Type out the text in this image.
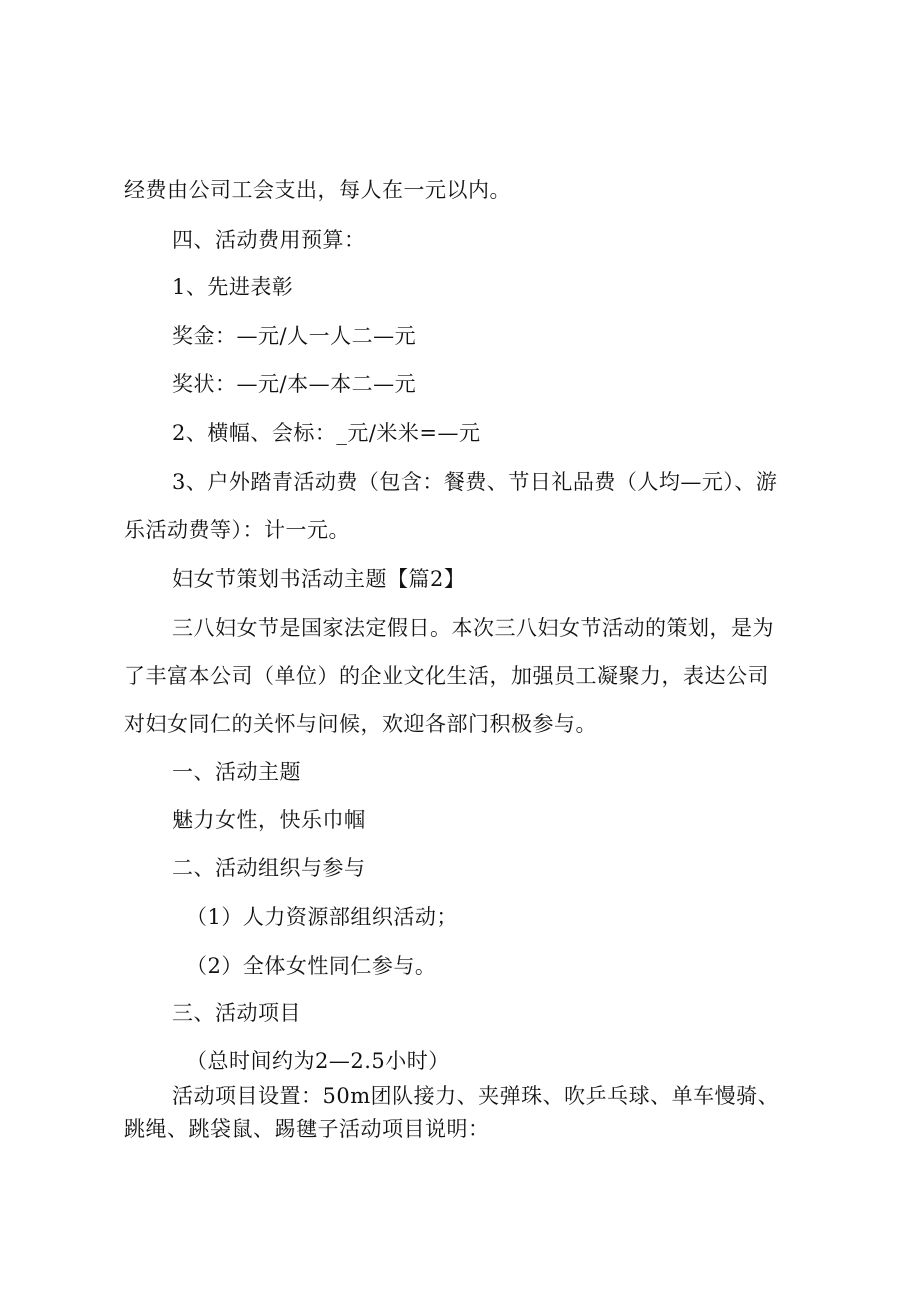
经费由公司工会支出，每人在一元以内。
四、活动费用预算：
1、先进表彰
奖金：—元/人一人二—元
奖状：—元/本—本二—元
2、横幅、会标：_元/米米=—元
3、户外踏青活动费（包含：餐费、节日礼品费（人均—元）、游
乐活动费等）：计一元。
妇女节策划书活动主题【篇2】
三八妇女节是国家法定假日。本次三八妇女节活动的策划，是为
了丰富本公司（单位）的企业文化生活，加强员工凝聚力，表达公司
对妇女同仁的关怀与问候，欢迎各部门积极参与。
一、活动主题
魅力女性，快乐巾帼
二、活动组织与参与
（1）人力资源部组织活动；
（2）全体女性同仁参与。
三、活动项目
（总时间约为2—2.5小时）
活动项目设置：50m团队接力、夹弹珠、吹乒乓球、单车慢骑、
跳绳、跳袋鼠、踢毽子活动项目说明：
